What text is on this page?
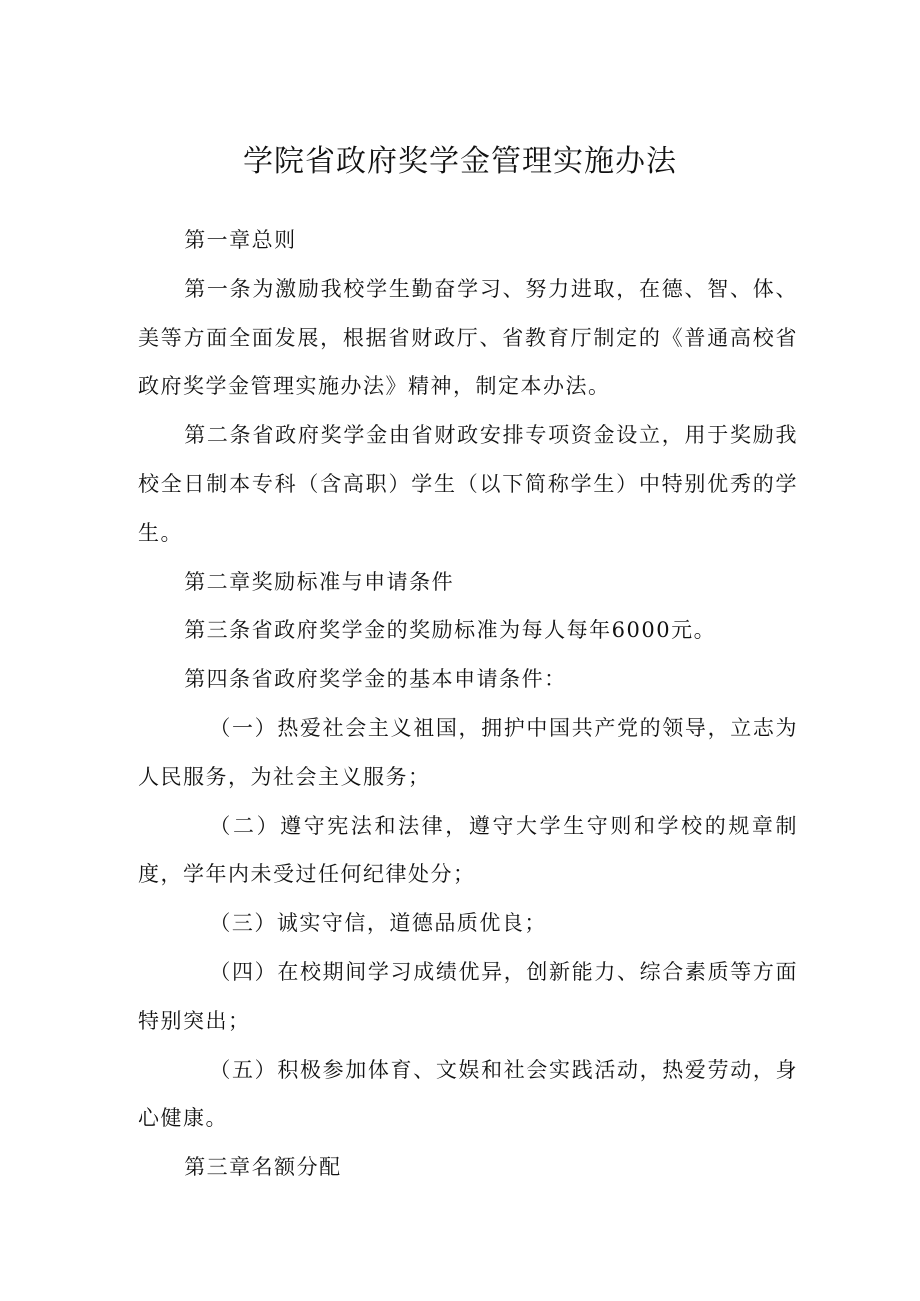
学院省政府奖学金管理实施办法

第一章总则

第一条为激励我校学生勤奋学习、努力进取，在德、智、体、美等方面全面发展，根据省财政厅、省教育厅制定的《普通高校省政府奖学金管理实施办法》精神，制定本办法。

第二条省政府奖学金由省财政安排专项资金设立，用于奖励我校全日制本专科（含高职）学生（以下简称学生）中特别优秀的学生。

第二章奖励标准与申请条件

第三条省政府奖学金的奖励标准为每人每年6000元。

第四条省政府奖学金的基本申请条件：

（一）热爱社会主义祖国，拥护中国共产党的领导，立志为人民服务，为社会主义服务；

（二）遵守宪法和法律，遵守大学生守则和学校的规章制度，学年内未受过任何纪律处分；

（三）诚实守信，道德品质优良；

（四）在校期间学习成绩优异，创新能力、综合素质等方面特别突出；

（五）积极参加体育、文娱和社会实践活动，热爱劳动，身心健康。

第三章名额分配
